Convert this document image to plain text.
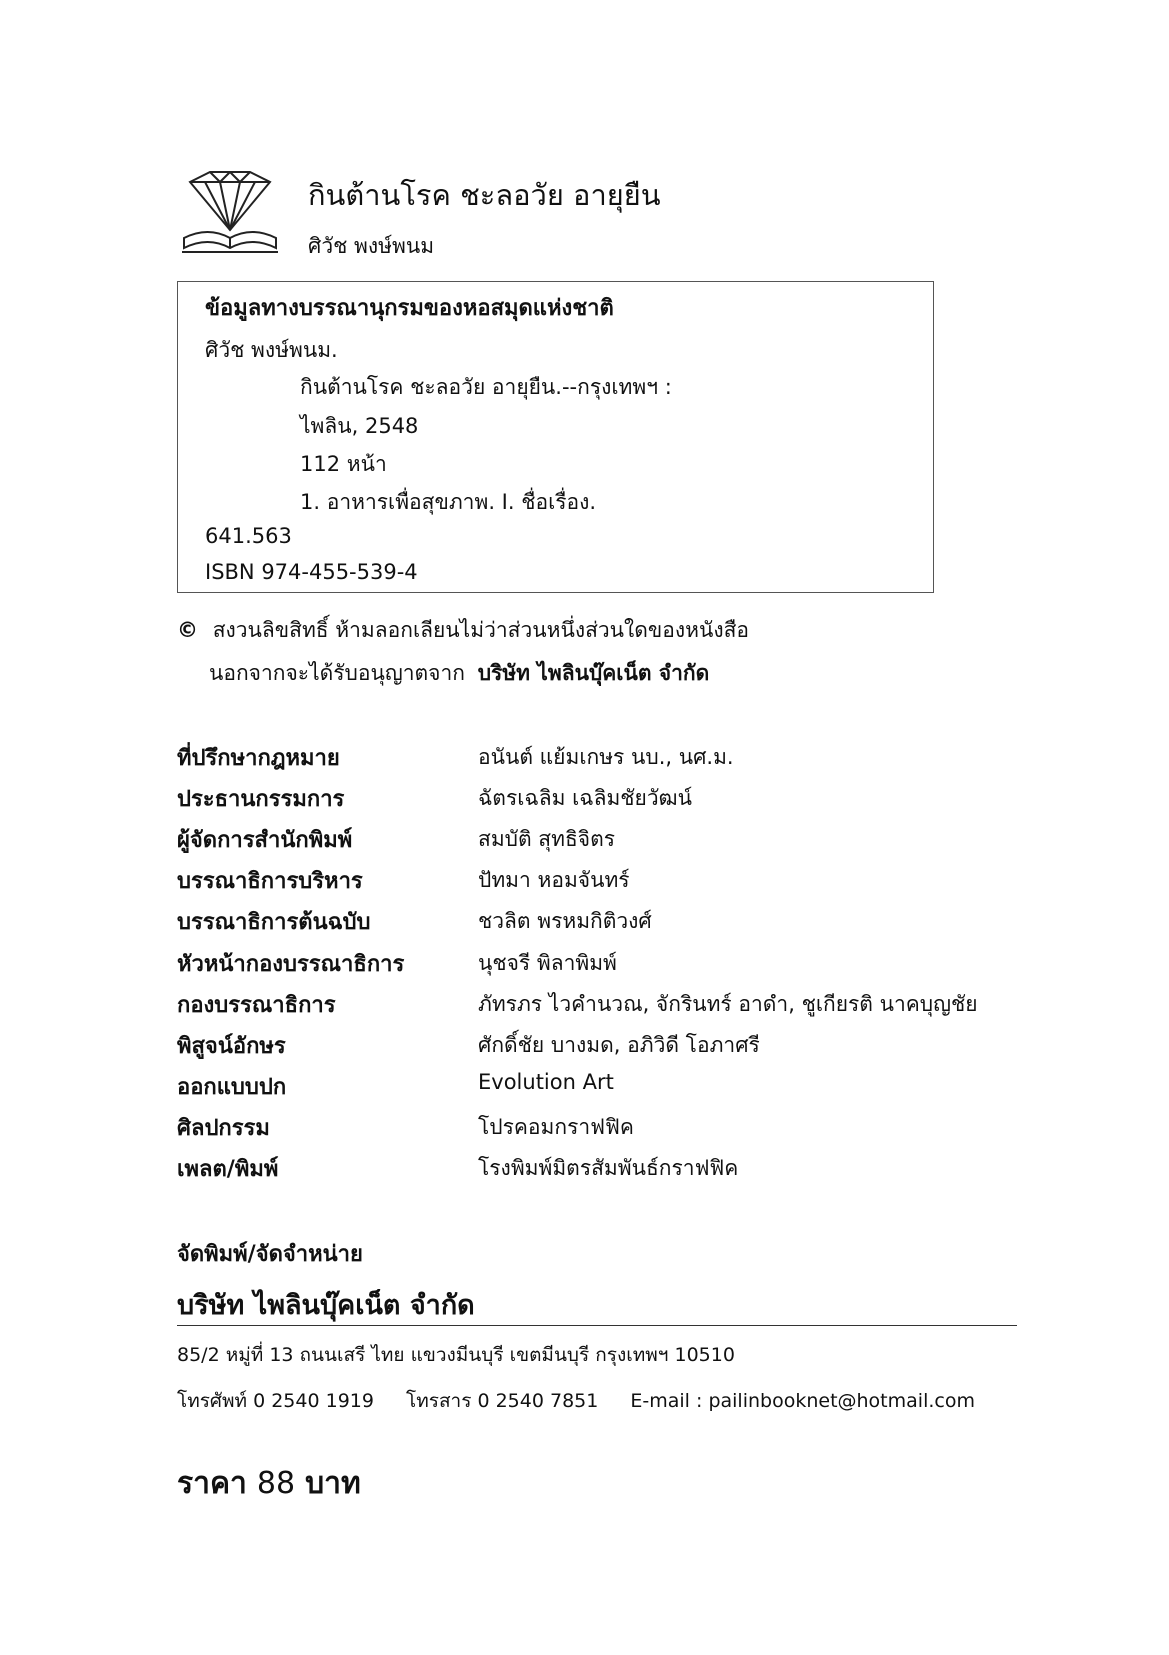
กินต้านโรค ชะลอวัย อายุยืน
ศิวัช พงษ์พนม
ข้อมูลทางบรรณานุกรมของหอสมุดแห่งชาติ
ศิวัช พงษ์พนม.
กินต้านโรค ชะลอวัย อายุยืน.--กรุงเทพฯ :
ไพลิน, 2548
112 หน้า
1. อาหารเพื่อสุขภาพ. I. ชื่อเรื่อง.
641.563
ISBN 974-455-539-4
© สงวนลิขสิทธิ์ ห้ามลอกเลียนไม่ว่าส่วนหนึ่งส่วนใดของหนังสือ
นอกจากจะได้รับอนุญาตจาก บริษัท ไพลินบุ๊คเน็ต จำกัด
ที่ปรึกษากฎหมาย	อนันต์ แย้มเกษร นบ., นศ.ม.
ประธานกรรมการ	ฉัตรเฉลิม เฉลิมชัยวัฒน์
ผู้จัดการสำนักพิมพ์	สมบัติ สุทธิจิตร
บรรณาธิการบริหาร	ปัทมา หอมจันทร์
บรรณาธิการต้นฉบับ	ชวลิต พรหมกิติวงศ์
หัวหน้ากองบรรณาธิการ	นุชจรี พิลาพิมพ์
กองบรรณาธิการ	ภัทรภร ไวคำนวณ, จักรินทร์ อาดำ, ชูเกียรติ นาคบุญชัย
พิสูจน์อักษร	ศักดิ์ชัย บางมด, อภิวิดี โอภาศรี
ออกแบบปก	Evolution Art
ศิลปกรรม	โปรคอมกราฟฟิค
เพลต/พิมพ์	โรงพิมพ์มิตรสัมพันธ์กราฟฟิค
จัดพิมพ์/จัดจำหน่าย
บริษัท ไพลินบุ๊คเน็ต จำกัด
85/2 หมู่ที่ 13 ถนนเสรี ไทย แขวงมีนบุรี เขตมีนบุรี กรุงเทพฯ 10510
โทรศัพท์ 0 2540 1919 โทรสาร 0 2540 7851 E-mail : pailinbooknet@hotmail.com
ราคา 88 บาท
